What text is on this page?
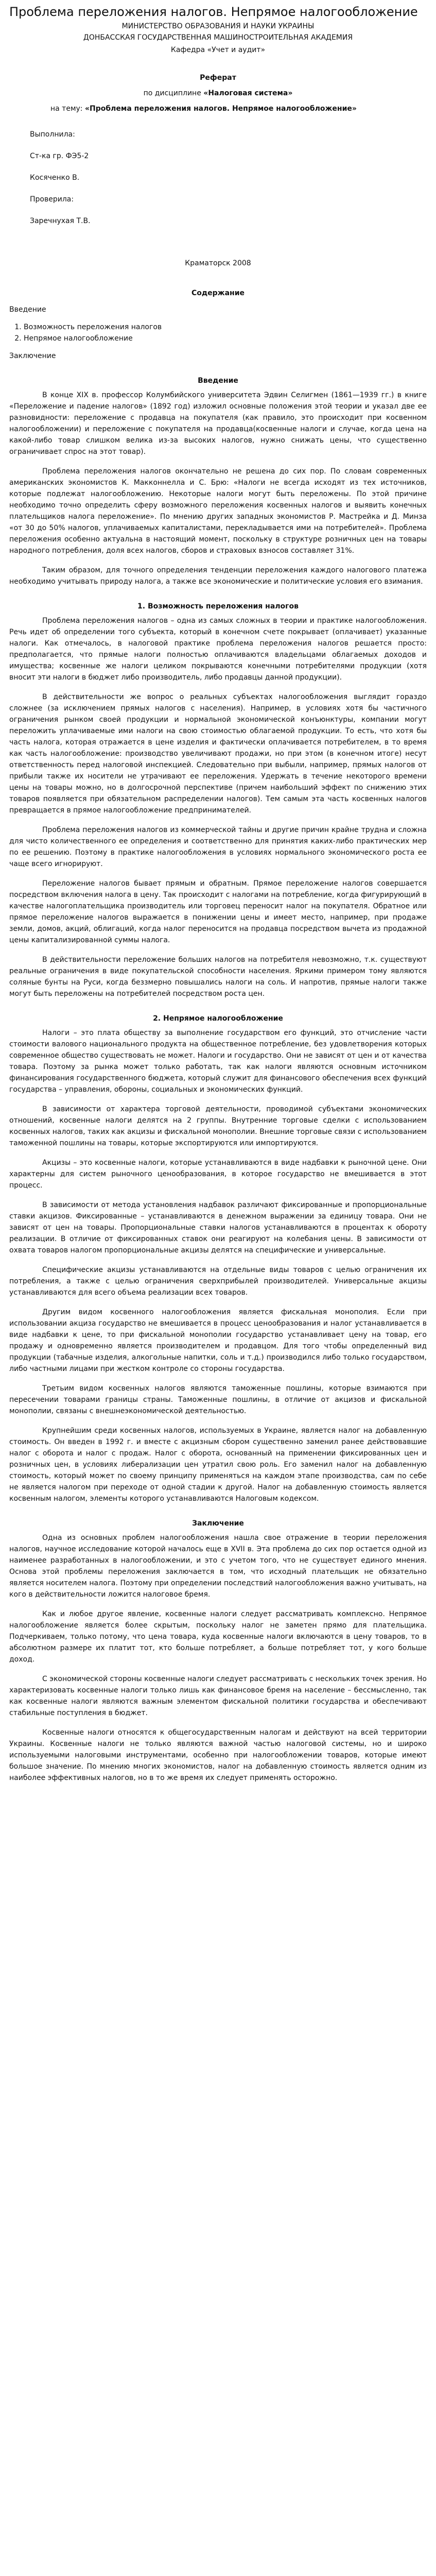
Проблема переложения налогов. Непрямое налогообложение

МИНИСТЕРСТВО ОБРАЗОВАНИЯ И НАУКИ УКРАИНЫ

ДОНБАССКАЯ ГОСУДАРСТВЕННАЯ МАШИНОСТРОИТЕЛЬНАЯ АКАДЕМИЯ

Кафедра «Учет и аудит»

Реферат

по дисциплине «Налоговая система»

на тему: «Проблема переложения налогов. Непрямое налогообложение»

Выполнила:

Ст-ка гр. ФЭ5-2

Косяченко В.

Проверила:

Заречнухая Т.В.

Краматорск 2008

Содержание

Введение

1. Возможность переложения налогов
2. Непрямое налогообложение

Заключение

Введение

В конце XIX в. профессор Колумбийского университета Эдвин Селигмен (1861—1939 гг.) в книге «Переложение и падение налогов» (1892 год) изложил основные положения этой теории и указал две ее разновидности: переложение с продавца на покупателя (как правило, это происходит при косвенном налогообложении) и переложение с покупателя на продавца(косвенные налоги и случае, когда цена на какой-либо товар слишком велика из-за высоких налогов, нужно снижать цены, что существенно ограничивает спрос на этот товар).

Проблема переложения налогов окончательно не решена до сих пор. По словам современных американских экономистов К. Макконнелла и С. Брю: «Налоги не всегда исходят из тех источников, которые подлежат налогообложению. Некоторые налоги могут быть переложены. По этой причине необходимо точно определить сферу возможного переложения косвенных налогов и выявить конечных плательщиков налога переложение». По мнению других западных экономистов Р. Мастрейка и Д. Минза «от 30 до 50% налогов, уплачиваемых капиталистами, перекладывается ими на потребителей». Проблема переложения особенно актуальна в настоящий момент, поскольку в структуре розничных цен на товары народного потребления, доля всех налогов, сборов и страховых взносов составляет 31%.

Таким образом, для точного определения тенденции переложения каждого налогового платежа необходимо учитывать природу налога, а также все экономические и политические условия его взимания.

1. Возможность переложения налогов

Проблема переложения налогов – одна из самых сложных в теории и практике налогообложения. Речь идет об определении того субъекта, который в конечном счете покрывает (оплачивает) указанные налоги. Как отмечалось, в налоговой практике проблема переложения налогов решается просто: предполагается, что прямые налоги полностью оплачиваются владельцами облагаемых доходов и имущества; косвенные же налоги целиком покрываются конечными потребителями продукции (хотя вносит эти налоги в бюджет либо производитель, либо продавцы данной продукции).

В действительности же вопрос о реальных субъектах налогообложения выглядит гораздо сложнее (за исключением прямых налогов с населения). Например, в условиях хотя бы частичного ограничения рынком своей продукции и нормальной экономической конъюнктуры, компании могут переложить уплачиваемые ими налоги на свою стоимостью облагаемой продукции. То есть, что хотя бы часть налога, которая отражается в цене изделия и фактически оплачивается потребителем, в то время как часть налогообложение: производство увеличивают продажи, но при этом (в конечном итоге) несут ответственность перед налоговой инспекцией. Следовательно при выбыли, например, прямых налогов от прибыли также их носители не утрачивают ее переложения. Удержать в течение некоторого времени цены на товары можно, но в долгосрочной перспективе (причем наибольший эффект по снижению этих товаров появляется при обязательном распределении налогов). Тем самым эта часть косвенных налогов превращается в прямое налогообложение предпринимателей.

Проблема переложения налогов из коммерческой тайны и другие причин крайне трудна и сложна для чисто количественного ее определения и соответственно для принятия каких-либо практических мер по ее решению. Поэтому в практике налогообложения в условиях нормального экономического роста ее чаще всего игнорируют.

Переложение налогов бывает прямым и обратным. Прямое переложение налогов совершается посредством включения налога в цену. Так происходит с налогами на потребление, когда фигурирующий в качестве налогоплательщика производитель или торговец переносит налог на покупателя. Обратное или прямое переложение налогов выражается в понижении цены и имеет место, например, при продаже земли, домов, акций, облигаций, когда налог переносится на продавца посредством вычета из продажной цены капитализированной суммы налога.

В действительности переложение больших налогов на потребителя невозможно, т.к. существуют реальные ограничения в виде покупательской способности населения. Яркими примером тому являются соляные бунты на Руси, когда беззмерно повышались налоги на соль. И напротив, прямые налоги также могут быть переложены на потребителей посредством роста цен.

2. Непрямое налогообложение

Налоги – это плата обществу за выполнение государством его функций, это отчисление части стоимости валового национального продукта на общественное потребление, без удовлетворения которых современное общество существовать не может. Налоги и государство. Они не зависят от цен и от качества товара. Поэтому за рынка может только работать, так как налоги являются основным источником финансирования государственного бюджета, который служит для финансового обеспечения всех функций государства – управления, обороны, социальных и экономических функций.

В зависимости от характера торговой деятельности, проводимой субъектами экономических отношений, косвенные налоги делятся на 2 группы. Внутренние торговые сделки с использованием косвенных налогов, таких как акцизы и фискальной монополии. Внешние торговые связи с использованием таможенной пошлины на товары, которые экспортируются или импортируются.

Акцизы – это косвенные налоги, которые устанавливаются в виде надбавки к рыночной цене. Они характерны для систем рыночного ценообразования, в которое государство не вмешивается в этот процесс.

В зависимости от метода установления надбавок различают фиксированные и пропорциональные ставки акцизов. Фиксированные – устанавливаются в денежном выражении за единицу товара. Они не зависят от цен на товары. Пропорциональные ставки налогов устанавливаются в процентах к обороту реализации. В отличие от фиксированных ставок они реагируют на колебания цены. В зависимости от охвата товаров налогом пропорциональные акцизы делятся на специфические и универсальные.

Специфические акцизы устанавливаются на отдельные виды товаров с целью ограничения их потребления, а также с целью ограничения сверхприбылей производителей. Универсальные акцизы устанавливаются для всего объема реализации всех товаров.

Другим видом косвенного налогообложения является фискальная монополия. Если при использовании акциза государство не вмешивается в процесс ценообразования и налог устанавливается в виде надбавки к цене, то при фискальной монополии государство устанавливает цену на товар, его продажу и одновременно является производителем и продавцом. Для того чтобы определенный вид продукции (табачные изделия, алкогольные напитки, соль и т.д.) производился либо только государством, либо частными лицами при жестком контроле со стороны государства.

Третьим видом косвенных налогов являются таможенные пошлины, которые взимаются при пересечении товарами границы страны. Таможенные пошлины, в отличие от акцизов и фискальной монополии, связаны с внешнеэкономической деятельностью.

Крупнейшим среди косвенных налогов, используемых в Украине, является налог на добавленную стоимость. Он введен в 1992 г. и вместе с акцизным сбором существенно заменил ранее действовавшие налог с оборота и налог с продаж. Налог с оборота, основанный на применении фиксированных цен и розничных цен, в условиях либерализации цен утратил свою роль. Его заменил налог на добавленную стоимость, который может по своему принципу применяться на каждом этапе производства, сам по себе не является налогом при переходе от одной стадии к другой. Налог на добавленную стоимость является косвенным налогом, элементы которого устанавливаются Налоговым кодексом.

Заключение

Одна из основных проблем налогообложения нашла свое отражение в теории переложения налогов, научное исследование которой началось еще в XVII в. Эта проблема до сих пор остается одной из наименее разработанных в налогообложении, и это с учетом того, что не существует единого мнения. Основа этой проблемы переложения заключается в том, что исходный плательщик не обязательно является носителем налога. Поэтому при определении последствий налогообложения важно учитывать, на кого в действительности ложится налоговое бремя.

Как и любое другое явление, косвенные налоги следует рассматривать комплексно. Непрямое налогообложение является более скрытым, поскольку налог не заметен прямо для плательщика. Подчеркиваем, только потому, что цена товара, куда косвенные налоги включаются в цену товаров, то в абсолютном размере их платит тот, кто больше потребляет, а больше потребляет тот, у кого больше доход.

С экономической стороны косвенные налоги следует рассматривать с нескольких точек зрения. Но характеризовать косвенные налоги только лишь как финансовое бремя на население – бессмысленно, так как косвенные налоги являются важным элементом фискальной политики государства и обеспечивают стабильные поступления в бюджет.

Косвенные налоги относятся к общегосударственным налогам и действуют на всей территории Украины. Косвенные налоги не только являются важной частью налоговой системы, но и широко используемыми налоговыми инструментами, особенно при налогообложении товаров, которые имеют большое значение. По мнению многих экономистов, налог на добавленную стоимость является одним из наиболее эффективных налогов, но в то же время их следует применять осторожно.
